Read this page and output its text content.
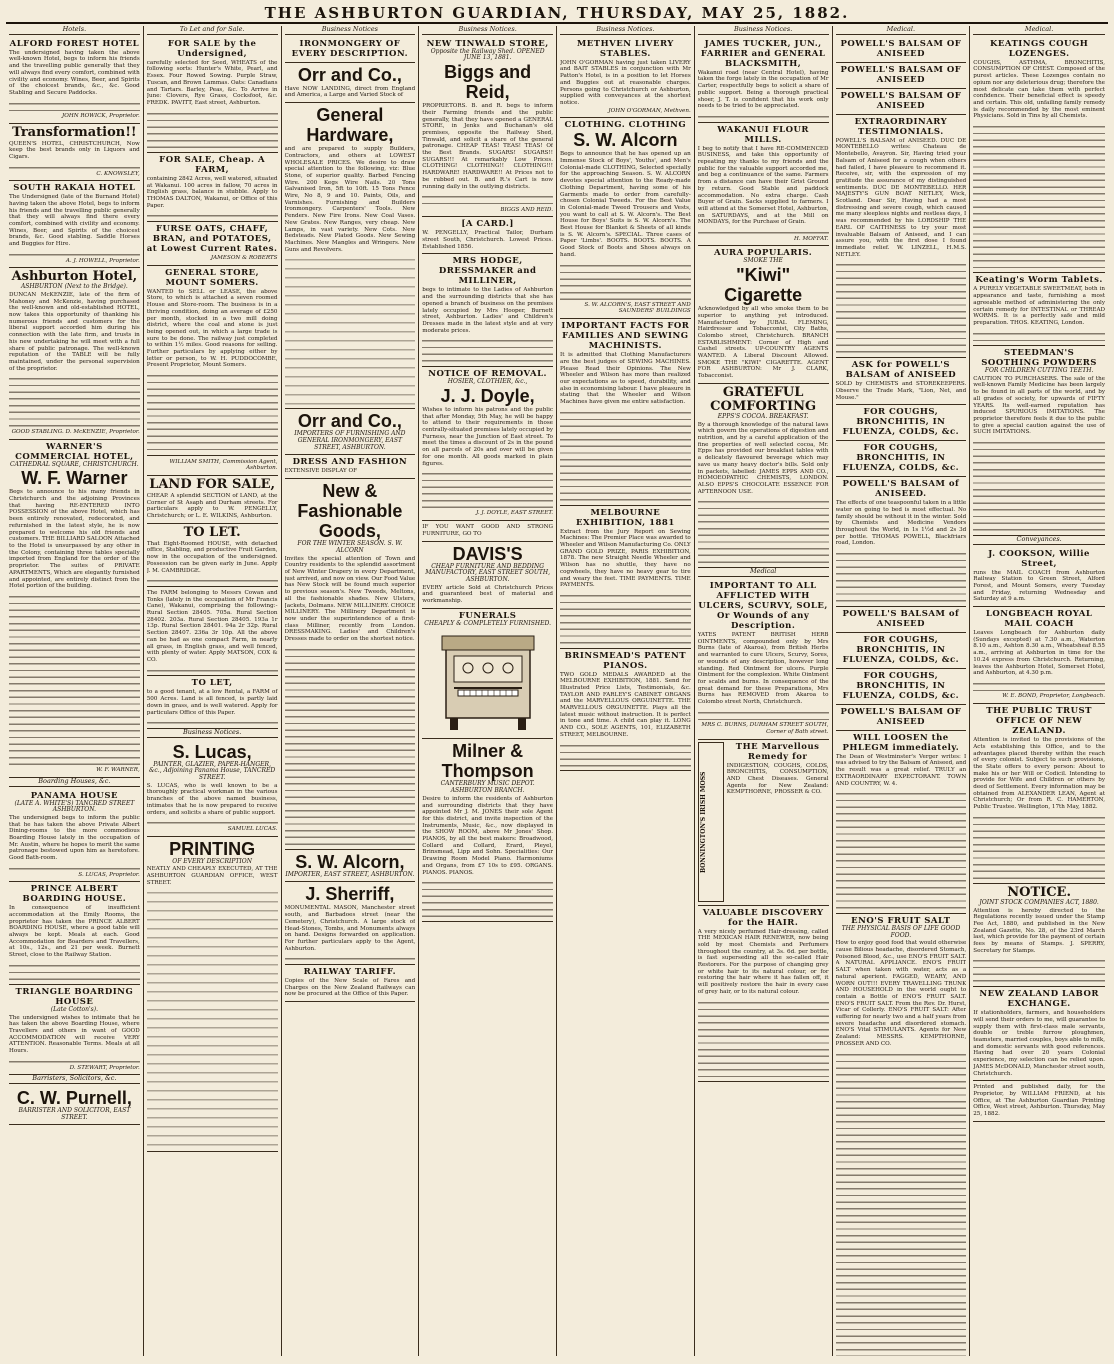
THE ASHBURTON GUARDIAN, THURSDAY, MAY 25, 1882.
Hotels.
ALFORD FOREST HOTEL
The undersigned having taken the above well-known Hotel, begs to inform his friends and the travelling public generally that they will always find every comfort, combined with civility and economy. Wines, Beer, and Spirits of the choicest brands, &c., &c. Good Stabling and Secure Paddocks.
JOHN ROWICK, Proprietor.
Transformation!!
QUEEN'S HOTEL, CHRISTCHURCH, Now keep the best brands only in Liquors and Cigars.
C. KNOWSLEY,
SOUTH RAKAIA HOTEL
The Undersigned (late of the Burnand Hotel) having taken the above Hotel, begs to inform his friends and the travelling public generally that they will always find there every comfort, combined with civility and economy. Wines, Beer, and Spirits of the choicest brands, &c. Good stabling. Saddle Horses and Buggies for Hire.
A. J. HOWELL, Proprietor.
Ashburton Hotel,
ASHBURTON (Next to the Bridge).
DUNCAN McKENZIE, late of the firm of Mahoney and McKenzie, having purchased the well-known and old-established HOTEL, now takes this opportunity of thanking his numerous friends and customers for the liberal support accorded him during his connection with the late firm, and trusts in his new undertaking he will meet with a full share of public patronage. The well-known reputation of the TABLE will be fully maintained, under the personal supervision of the proprietor.
GOOD STABLING. D. McKENZIE, Proprietor.
WARNER'S COMMERCIAL HOTEL,
CATHEDRAL SQUARE, CHRISTCHURCH.
W. F. Warner
Begs to announce to his many friends in Christchurch and the adjoining Provinces that having RE-ENTERED INTO POSSESSION of the above Hotel, which has been entirely renovated, redecorated, and refurnished in the latest style, he is now prepared to welcome his old friends and customers. THE BILLIARD SALOON Attached to the Hotel is unsurpassed by any other in the Colony, containing three tables specially imported from England for the order of the proprietor. The suites of PRIVATE APARTMENTS, Which are elegantly furnished and appointed, are entirely distinct from the Hotel portion of the building.
W. F. WARNER,
Boarding Houses, &c.
PANAMA HOUSE
(LATE A. WHITE'S) TANCRED STREET ASHBURTON.
The undersigned begs to inform the public that he has taken the above Private Albert Dining-rooms to the more commodious Boarding House lately in the occupation of Mr. Austin, where he hopes to merit the same patronage bestowed upon him as heretofore. Good Bath-room.
S. LUCAS, Proprietor.
PRINCE ALBERT BOARDING HOUSE.
In consequence of insufficient accommodation at the Emily Rooms, the proprietor has taken the PRINCE ALBERT BOARDING HOUSE, where a good table will always be kept. Meals at each. Good Accommodation for Boarders and Travellers, at 10s., 12s., and 21 per week. Burnett Street, close to the Railway Station.
TRIANGLE BOARDING HOUSE
(Late Cotton's).
The undersigned wishes to intimate that he has taken the above Boarding House, where Travellers and others in want of GOOD ACCOMMODATION will receive VERY ATTENTION. Reasonable Terms. Meals at all Hours.
D. STEWART, Proprietor.
Barristers, Solicitors, &c.
C. W. Purnell,
BARRISTER AND SOLICITOR, EAST STREET.
To Let and for Sale.
FOR SALE by the Undersigned,
carefully selected for Seed, WHEATS of the following sorts: Hunter's White, Pearl, and Essex. Four Rowed Sowing. Purple Straw, Tuscan, and Brown Lammas. Oats: Canadians and Tartars. Barley, Peas, &c. To Arrive in June: Clovers, Rye Grass, Cocksfoot, &c. FREDK. PAVITT, East street, Ashburton.
FOR SALE, Cheap. A FARM,
containing 2842 Acres, well watered, situated at Wakanui. 100 acres in fallow, 70 acres in English grass, balance in stubble. Apply to THOMAS DALTON, Wakanui, or Office of this Paper.
FURSE OATS, CHAFF, BRAN, and POTATOES, at Lowest Current Rates.
JAMESON & ROBERTS
GENERAL STORE, MOUNT SOMERS.
WANTED to SELL or LEASE, the above Store, to which is attached a seven roomed House and Store-room. The business is in a thriving condition, doing an average of £250 per month, stocked in a two mill doing district, where the coal and stone is just being opened out, in which a large trade is sure to be done. The railway just completed to within 1½ miles. Good reasons for selling. Further particulars by applying either by letter or person, to W. H. PUDDOCOMBE, Present Proprietor, Mount Somers.
WILLIAM SMITH, Commission Agent, Ashburton.
LAND FOR SALE,
CHEAP. A splendid SECTION of LAND, at the Corner of St Asaph and Durham streets. For particulars apply to W. PENGELLY, Christchurch; or L. E. WILKINS, Ashburton.
TO LET.
That Eight-Roomed HOUSE, with detached office, Stabling, and productive Fruit Garden, now in the occupation of the undersigned. Possession can be given early in June. Apply J. M. CAMBRIDGE.
The FARM belonging to Messrs Cowan and Tonks (lately in the occupation of Mr Francis Cane), Wakanui, comprising the following:- Rural Section 28405. 705a. Rural Section 28402. 203a. Rural Section 28405. 193a 1r 13p. Rural Section 28401. 94a 2r 32p. Rural Section 28407. 236a 3r 10p. All the above can be had as one compact Farm, in nearly all grass, in English grass, and well fenced, with plenty of water. Apply MATSON, COX & CO.
TO LET,
to a good tenant, at a low Rental, a FARM of 500 Acres. Land is all fenced, is partly laid down in grass, and is well watered. Apply for particulars Office of this Paper.
Business Notices.
S. Lucas,
PAINTER, GLAZIER, PAPER-HANGER, &c., Adjoining Panama House, TANCRED STREET.
S. LUCAS, who is well known to be a thoroughly practical workman in the various branches of the above named business, intimates that he is now prepared to receive orders, and solicits a share of public support.
SAMUEL LUCAS.
PRINTING
OF EVERY DESCRIPTION
NEATLY AND CHEAPLY EXECUTED, AT THE ASHBURTON GUARDIAN OFFICE, WEST STREET.
Business Notices
IRONMONGERY OF EVERY DESCRIPTION.
Orr and Co.,
Have NOW LANDING, direct from England and America, a Large and Varied Stock of
General Hardware,
and are prepared to supply Builders, Contractors, and others at LOWEST WHOLESALE PRICES. We desire to draw special attention to the following, viz: Blue Stone, of superior quality. Barbed Fencing Wire. 200 Kegs Wire Nails. 20 Tons Galvanised Iron, 5ft to 10ft. 15 Tons Fence Wire, No 8, 9 and 10. Paints, Oils, and Varnishes. Furnishing and Builders Ironmongery. Carpenters' Tools. New Fenders. New Fire Irons. New Coal Vases. New Grates. New Ranges, very cheap. New Lamps, in vast variety. New Cots. New Bedsteads. New Plated Goods. New Sewing Machines. New Mangles and Wringers. New Guns and Revolvers.
Orr and Co.,
IMPORTERS OF FURNISHING AND GENERAL IRONMONGERY, EAST STREET, ASHBURTON.
DRESS AND FASHION
EXTENSIVE DISPLAY OF
New & Fashionable Goods,
FOR THE WINTER SEASON. S. W. ALCORN
Invites the special attention of Town and Country residents to the splendid assortment of New Winter Drapery in every Department, just arrived, and now on view. Our Food Value has New Stock will be found much superior to previous season's. New Tweeds, Meltons, all the fashionable shades. New Ulsters, Jackets, Dolmans. NEW MILLINERY. CHOICE MILLINERY. The Millinery Department is now under the superintendence of a first-class Milliner, recently from London. DRESSMAKING. Ladies' and Children's Dresses made to order on the shortest notice.
S. W. Alcorn,
IMPORTER, EAST STREET, ASHBURTON.
J. Sherriff,
MONUMENTAL MASON, Manchester street south, and Barbadoes street (near the Cemetery), Christchurch. A large stock of Head-Stones, Tombs, and Monuments always on hand. Designs forwarded on application. For further particulars apply to the Agent, Ashburton.
RAILWAY TARIFF.
Copies of the New Scale of Fares and Charges on the New Zealand Railways can now be procured at the Office of this Paper.
Business Notices.
NEW TINWALD STORE,
Opposite the Railway Shed. OPENED JUNE 13, 1881.
Biggs and Reid,
PROPRIETORS. B. and R. begs to inform their Farming friends and the public generally, that they have opened a GENERAL STORE, in Jenks and Buchanan's old premises, opposite the Railway Shed, Tinwald, and solicit a share of the general patronage. CHEAP TEAS! TEAS! TEAS! Of the Best Brands. SUGARS! SUGARS!! SUGARS!!! At remarkably Low Prices. CLOTHING! CLOTHING!! CLOTHING!!! HARDWARE! HARDWARE!! At Prices not to be rubbed out. B. and R.'s Cart is now running daily in the outlying districts.
BIGGS AND REID.
[A CARD.]
W. PENGELLY, Practical Tailor, Durham street South, Christchurch. Lowest Prices. Established 1856.
MRS HODGE, DRESSMAKER and MILLINER,
begs to intimate to the Ladies of Ashburton and the surrounding districts that she has opened a branch of business on the premises lately occupied by Mrs Hooper, Burnett street, Ashburton. Ladies' and Children's Dresses made in the latest style and at very moderate prices.
NOTICE OF REMOVAL.
HOSIER, CLOTHIER, &c.,
J. J. Doyle,
Wishes to inform his patrons and the public that after Monday, 5th May, he will be happy to attend to their requirements in those centrally-situated premises lately occupied by Furness, near the Junction of East street. To meet the times a discount of 2s in the pound on all parcels of 20s and over will be given for one month. All goods marked in plain figures.
J. J. DOYLE, EAST STREET.
IF YOU WANT GOOD AND STRONG FURNITURE, GO TO
DAVIS'S
CHEAP FURNITURE AND BEDDING MANUFACTORY, EAST STREET SOUTH, ASHBURTON.
EVERY article Sold at Christchurch Prices and guaranteed best of material and workmanship.
FUNERALS
CHEAPLY & COMPLETELY FURNISHED.
Milner & Thompson
CANTERBURY MUSIC DEPOT. ASHBURTON BRANCH.
Desire to inform the residents of Ashburton and surrounding districts that they have appointed Mr J. M. JONES their sole Agent for this district, and invite inspection of the Instruments, Music, &c., now displayed in the SHOW ROOM, above Mr Jones' Shop. PIANOS, by all the best makers: Broadwood, Collard and Collard, Erard, Pleyel, Brinsmead, Lipp and Sohn. Specialities: Our Drawing Room Model Piano. Harmoniums and Organs, from £7 10s to £95. ORGANS. PIANOS. PIANOS.
Business Notices.
METHVEN LIVERY STABLES.
JOHN O'GORMAN having just taken LIVERY and BAIT STABLES in conjunction with Mr Patton's Hotel, is in a position to let Horses and Buggies out at reasonable charges. Persons going to Christchurch or Ashburton, supplied with conveyances at the shortest notice.
JOHN O'GORMAN, Methven.
CLOTHING. CLOTHING
S. W. Alcorn
Begs to announce that he has opened up an Immense Stock of Boys', Youths', and Men's Colonial-made CLOTHING, Selected specially for the approaching Season. S. W. ALCORN devotes special attention to the Ready-made Clothing Department, having some of his Garments made to order from carefully-chosen Colonial Tweeds. For the Best Value in Colonial-made Tweed Trousers and Vests, you want to call at S. W. Alcorn's. The Best House for Boys' Suits is S. W. Alcorn's. The Best House for Blanket & Sheets of all kinds is S. W. Alcorn's. SPECIAL. Three cases of Paper 'Limbs'. BOOTS. BOOTS. BOOTS. A Good Stock of Boots and Shoes always on hand.
S. W. ALCORN'S, EAST STREET AND SAUNDERS' BUILDINGS
IMPORTANT FACTS FOR FAMILIES AND SEWING MACHINISTS.
It is admitted that Clothing Manufacturers are the best judges of SEWING MACHINES. Please Read their Opinions. The New Wheeler and Wilson has more than realized our expectations as to speed, durability, and also in economising labour. I have pleasure in stating that the Wheeler and Wilson Machines have given me entire satisfaction.
MELBOURNE EXHIBITION, 1881
Extract from the Jury Report on Sewing Machines: The Premier Place was awarded to Wheeler and Wilson Manufacturing Co. ONLY GRAND GOLD PRIZE, PARIS EXHIBITION, 1878. The new Straight Needle Wheeler and Wilson has no shuttle, they have no cogwheels, they have no heavy gear to tire and weary the feet. TIME PAYMENTS. TIME PAYMENTS.
BRINSMEAD'S PATENT PIANOS.
TWO GOLD MEDALS AWARDED at the MELBOURNE EXHIBITION, 1881. Send for Illustrated Price Lists, Testimonials, &c. TAYLOR AND FARLEY'S CABINET ORGANS and the MARVELLOUS ORGUINETTE. THE MARVELLOUS ORGUINETTE. Plays all the latest music without instruction. It is perfect in tone and time. A child can play it. LONG AND CO., SOLE AGENTS, 101, ELIZABETH STREET, MELBOURNE.
Business Notices.
JAMES TUCKER, JUN., FARRIER and GENERAL BLACKSMITH,
Wakanui road (near Central Hotel), having taken the forge lately in the occupation of Mr Carter, respectfully begs to solicit a share of public support. Being a thorough practical shoer, J. T. is confident that his work only needs to be tried to be appreciated.
WAKANUI FLOUR MILLS.
I beg to notify that I have RE-COMMENCED BUSINESS, and take this opportunity of repeating my thanks to my friends and the public for the valuable support accorded me, and beg a continuance of the same. Farmers from a distance can have their Grist Ground by return. Good Stable and paddock accommodation. No extra charge. Cash Buyer of Grain. Sacks supplied to farmers. I will attend at the Somerset Hotel, Ashburton, on SATURDAYS, and at the Mill on MONDAYS, for the Purchase of Grain.
H. MOFFAT.
AURA POPULARIS.
SMOKE THE
"Kiwi" Cigarette
Acknowledged by all who smoke them to be superior to anything yet introduced. Manufactured by JUBAL FLEMING, Hairdresser and Tobacconist, City Baths, Colombo street, Christchurch. BRANCH ESTABLISHMENT: Corner of High and Cashel streets. UP-COUNTRY AGENTS WANTED. A Liberal Discount Allowed. SMOKE THE "KIWI" CIGARETTE. AGENT FOR ASHBURTON: Mr J. CLARK, Tobacconist.
GRATEFUL COMFORTING
EPPS'S COCOA. BREAKFAST.
By a thorough knowledge of the natural laws which govern the operations of digestion and nutrition, and by a careful application of the fine properties of well selected cocoa, Mr. Epps has provided our breakfast tables with a delicately flavoured beverage which may save us many heavy doctor's bills. Sold only in packets, labelled: JAMES EPPS AND CO., HOMOEOPATHIC CHEMISTS, LONDON. ALSO EPPS'S CHOCOLATE ESSENCE FOR AFTERNOON USE.
Medical
IMPORTANT TO ALL AFFLICTED WITH ULCERS, SCURVY, SOLE, Or Wounds of any Description.
YATES PATENT BRITISH HERB OINTMENTS, compounded only by Mrs Burns (late of Akaroa), from British Herbs and warranted to cure Ulcers, Scurvy, Sores, or wounds of any description, however long standing. Red Ointment for ulcers. Purple Ointment for the complexion. White Ointment for scalds and burns. In consequence of the great demand for these Preparations, Mrs Burns has REMOVED from Akaroa to Colombo street North, Christchurch.
MRS C. BURNS, DURHAM STREET SOUTH, Corner of Bath street.
BONNINGTON'S IRISH MOSS
THE Marvellous Remedy for
INDIGESTION, COUGHS, COLDS, BRONCHITIS, CONSUMPTION, AND Chest Diseases. General Agents for New Zealand: KEMPTHORNE, PROSSER & CO.
VALUABLE DISCOVERY for the HAIR.
A very nicely perfumed Hair-dressing, called THE MEXICAN HAIR RENEWER, now being sold by most Chemists and Perfumers throughout the country, at 3s. 6d. per bottle, is fast superseding all the so-called Hair Restorers. For the purpose of changing grey or white hair to its natural colour, or for restoring the hair where it has fallen off, it will positively restore the hair in every case of grey hair, or to its natural colour.
Medical.
POWELL'S BALSAM OF ANISEED
POWELL'S BALSAM OF ANISEED
POWELL'S BALSAM OF ANISEED
EXTRAORDINARY TESTIMONIALS.
POWELL'S BALSAM of ANISEED. DUC DE MONTEBELLO writes: Chateau de Montebello, Avayron. Sir, Having tried your Balsam of Aniseed for a cough when others had failed, I have pleasure to recommend it. Receive, sir, with the expression of my gratitude the assurance of my distinguished sentiments. DUC DE MONTEBELLO. HER MAJESTY'S GUN BOAT NETLEY, Wick, Scotland. Dear Sir, Having had a most distressing and severe cough, which caused me many sleepless nights and restless days, I was recommended by his LORDSHIP THE EARL OF CAITHNESS to try your most invaluable Balsam of Aniseed, and I can assure you, with the first dose I found immediate relief. W. LINZELL, H.M.S. NETLEY.
ASK for POWELL'S BALSAM of ANISEED
SOLD by CHEMISTS and STOREKEEPERS. Observe the Trade Mark, "Lion, Net, and Mouse."
FOR COUGHS, BRONCHITIS, IN FLUENZA, COLDS, &c.
FOR COUGHS, BRONCHITIS, IN FLUENZA, COLDS, &c.
POWELL'S BALSAM of ANISEED.
The effects of one teaspoonful taken in a little water on going to bed is most effectual. No family should be without it in the winter. Sold by Chemists and Medicine Vendors throughout the World, in 1s 1½d and 2s 3d per bottle. THOMAS POWELL, Blackfriars road, London.
POWELL'S BALSAM of ANISEED
FOR COUGHS, BRONCHITIS, IN FLUENZA, COLDS, &c.
FOR COUGHS, BRONCHITIS, IN FLUENZA, COLDS, &c.
POWELL'S BALSAM OF ANISEED
WILL LOOSEN the PHLEGM immediately.
The Dean of Westminster's Verger writes: I was advised to try the Balsam of Aniseed, and the result was a great relief. TRULY an EXTRAORDINARY EXPECTORANT. TOWN AND COUNTRY, W. 4.
ENO'S FRUIT SALT
THE PHYSICAL BASIS OF LIFE GOOD FOOD.
How to enjoy good food that would otherwise cause Bilious headache, disordered Stomach, Poisoned Blood, &c., use ENO'S FRUIT SALT. A NATURAL APPLIANCE. ENO'S FRUIT SALT when taken with water, acts as a natural aperient. FAGGED, WEARY, AND WORN OUT!!! EVERY TRAVELLING TRUNK AND HOUSEHOLD in the world ought to contain a Bottle of ENO'S FRUIT SALT. ENO'S FRUIT SALT. From the Rev. Dr. Hurst, Vicar of Collerly. ENO'S FRUIT SALT: After suffering for nearly two and a half years from severe headache and disordered stomach. ENO'S Vital STIMULANTS. Agents for New Zealand: MESSRS. KEMPTHORNE, PROSSER AND CO.
Medical.
KEATINGS COUGH LOZENGES.
COUGHS, ASTHMA, BRONCHITIS, CONSUMPTION OF CHEST. Composed of the purest articles. These Lozenges contain no opium nor any deleterious drug; therefore the most delicate can take them with perfect confidence. Their beneficial effect is speedy and certain. This old, unfailing family remedy is daily recommended by the most eminent Physicians. Sold in Tins by all Chemists.
Keating's Worm Tablets.
A PURELY VEGETABLE SWEETMEAT, both in appearance and taste, furnishing a most agreeable method of administering the only certain remedy for INTESTINAL or THREAD WORMS. It is a perfectly safe and mild preparation. THOS. KEATING, London.
STEEDMAN'S SOOTHING POWDERS
FOR CHILDREN CUTTING TEETH.
CAUTION TO PURCHASERS. The sale of the well-known Family Medicine has been largely to be found in all parts of the world, and by all grades of society, for upwards of FIFTY YEARS. Its well-earned reputation has induced SPURIOUS IMITATIONS. The proprietor therefore feels it due to the public to give a special caution against the use of SUCH IMITATIONS.
Conveyances.
J. COOKSON, Willie Street,
runs the MAIL COACH from Ashburton Railway Station to Green Street, Alford Forest, and Mount Somers, every Tuesday and Friday, returning Wednesday and Saturday at 9 a.m.
LONGBEACH ROYAL MAIL COACH
Leaves Longbeach for Ashburton daily (Sundays excepted) at 7.30 a.m., Waterton 8.10 a.m., Ashton 8.30 a.m., Wheatsheaf 8.55 a.m., arriving at Ashburton in time for the 10.24 express from Christchurch. Returning, leaves the Ashburton Hotel, Somerset Hotel, and Ashburton, at 4.30 p.m.
W. E. BOND, Proprietor, Longbeach.
THE PUBLIC TRUST OFFICE OF NEW ZEALAND.
Attention is invited to the provisions of the Acts establishing this Office, and to the advantages placed thereby within the reach of every colonist. Subject to such provisions, the State offers to every person: About to make his or her Will or Codicil. Intending to provide for Wife and Children or others by deed of Settlement. Every information may be obtained from ALEXANDER LEAN, Agent at Christchurch; Or from R. C. HAMERTON, Public Trustee. Wellington, 17th May, 1882.
NOTICE.
JOINT STOCK COMPANIES ACT, 1880.
Attention is hereby directed to the Regulations recently issued under the Stamp Fee Act, 1880, and published in the New Zealand Gazette, No. 28, of the 23rd March last, which provide for the payment of certain fees by means of Stamps. J. SPERRY, Secretary for Stamps.
NEW ZEALAND LABOR EXCHANGE.
If stationholders, farmers, and householders will send their orders to me, will guarantee to supply them with first-class male servants, double or treble furrow ploughmen, teamsters, married couples, boys able to milk, and domestic servants with good references. Having had over 20 years Colonial experience, my selection can be relied upon. JAMES McDONALD, Manchester street south, Christchurch.
Printed and published daily, for the Proprietor, by WILLIAM FRIEND, at his Office, at The Ashburton Guardian Printing Office, West street, Ashburton. Thursday, May 25, 1882.
